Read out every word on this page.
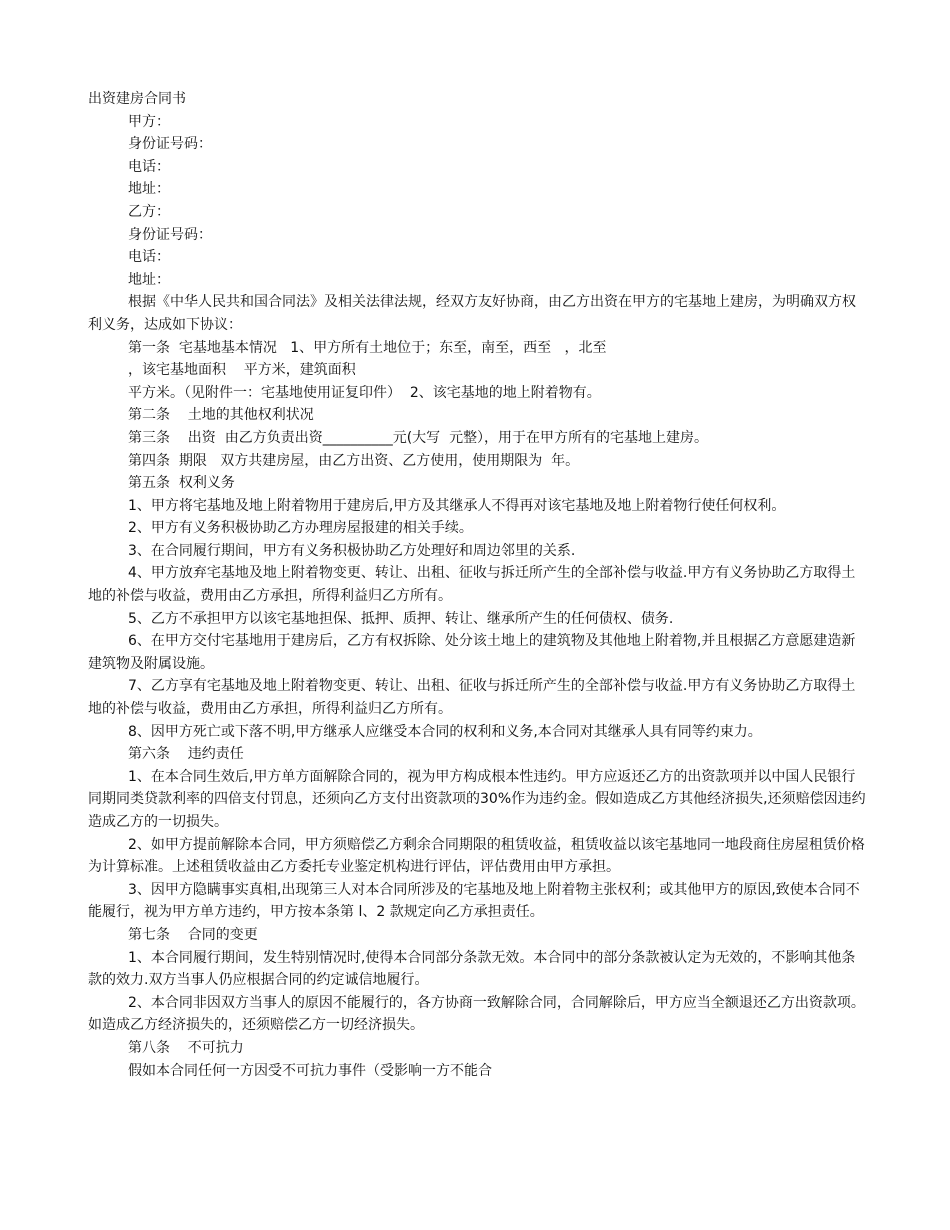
出资建房合同书

甲方：

身份证号码：

电话：

地址：

乙方：

身份证号码：

电话：

地址：

根据《中华人民共和国合同法》及相关法律法规，经双方友好协商，由乙方出资在甲方的宅基地上建房，为明确双方权利义务，达成如下协议：

第一条  宅基地基本情况   1、甲方所有土地位于；东至，南至，西至   ，北至

，该宅基地面积    平方米，建筑面积

平方米。（见附件一：宅基地使用证复印件）  2、该宅基地的地上附着物有。

第二条    土地的其他权利状况

第三条    出资  由乙方负责出资__________元(大写  元整），用于在甲方所有的宅基地上建房。

第四条  期限   双方共建房屋，由乙方出资、乙方使用，使用期限为  年。

第五条  权利义务

1、甲方将宅基地及地上附着物用于建房后,甲方及其继承人不得再对该宅基地及地上附着物行使任何权利。

2、甲方有义务积极协助乙方办理房屋报建的相关手续。

3、在合同履行期间，甲方有义务积极协助乙方处理好和周边邻里的关系.

4、甲方放弃宅基地及地上附着物变更、转让、出租、征收与拆迁所产生的全部补偿与收益.甲方有义务协助乙方取得土地的补偿与收益，费用由乙方承担，所得利益归乙方所有。

5、乙方不承担甲方以该宅基地担保、抵押、质押、转让、继承所产生的任何债权、债务.

6、在甲方交付宅基地用于建房后，乙方有权拆除、处分该土地上的建筑物及其他地上附着物,并且根据乙方意愿建造新建筑物及附属设施。

7、乙方享有宅基地及地上附着物变更、转让、出租、征收与拆迁所产生的全部补偿与收益.甲方有义务协助乙方取得土地的补偿与收益，费用由乙方承担，所得利益归乙方所有。

8、因甲方死亡或下落不明,甲方继承人应继受本合同的权利和义务,本合同对其继承人具有同等约束力。

第六条    违约责任

1、在本合同生效后,甲方单方面解除合同的，视为甲方构成根本性违约。甲方应返还乙方的出资款项并以中国人民银行同期同类贷款利率的四倍支付罚息，还须向乙方支付出资款项的30%作为违约金。假如造成乙方其他经济损失,还须赔偿因违约造成乙方的一切损失。

2、如甲方提前解除本合同，甲方须赔偿乙方剩余合同期限的租赁收益，租赁收益以该宅基地同一地段商住房屋租赁价格为计算标准。上述租赁收益由乙方委托专业鉴定机构进行评估，评估费用由甲方承担。

3、因甲方隐瞒事实真相,出现第三人对本合同所涉及的宅基地及地上附着物主张权利；或其他甲方的原因,致使本合同不能履行，视为甲方单方违约，甲方按本条第 l、2 款规定向乙方承担责任。

第七条    合同的变更

1、本合同履行期间，发生特别情况时,使得本合同部分条款无效。本合同中的部分条款被认定为无效的，不影响其他条款的效力.双方当事人仍应根据合同的约定诚信地履行。

2、本合同非因双方当事人的原因不能履行的，各方协商一致解除合同，合同解除后，甲方应当全额退还乙方出资款项。如造成乙方经济损失的，还须赔偿乙方一切经济损失。

第八条    不可抗力

假如本合同任何一方因受不可抗力事件（受影响一方不能合
